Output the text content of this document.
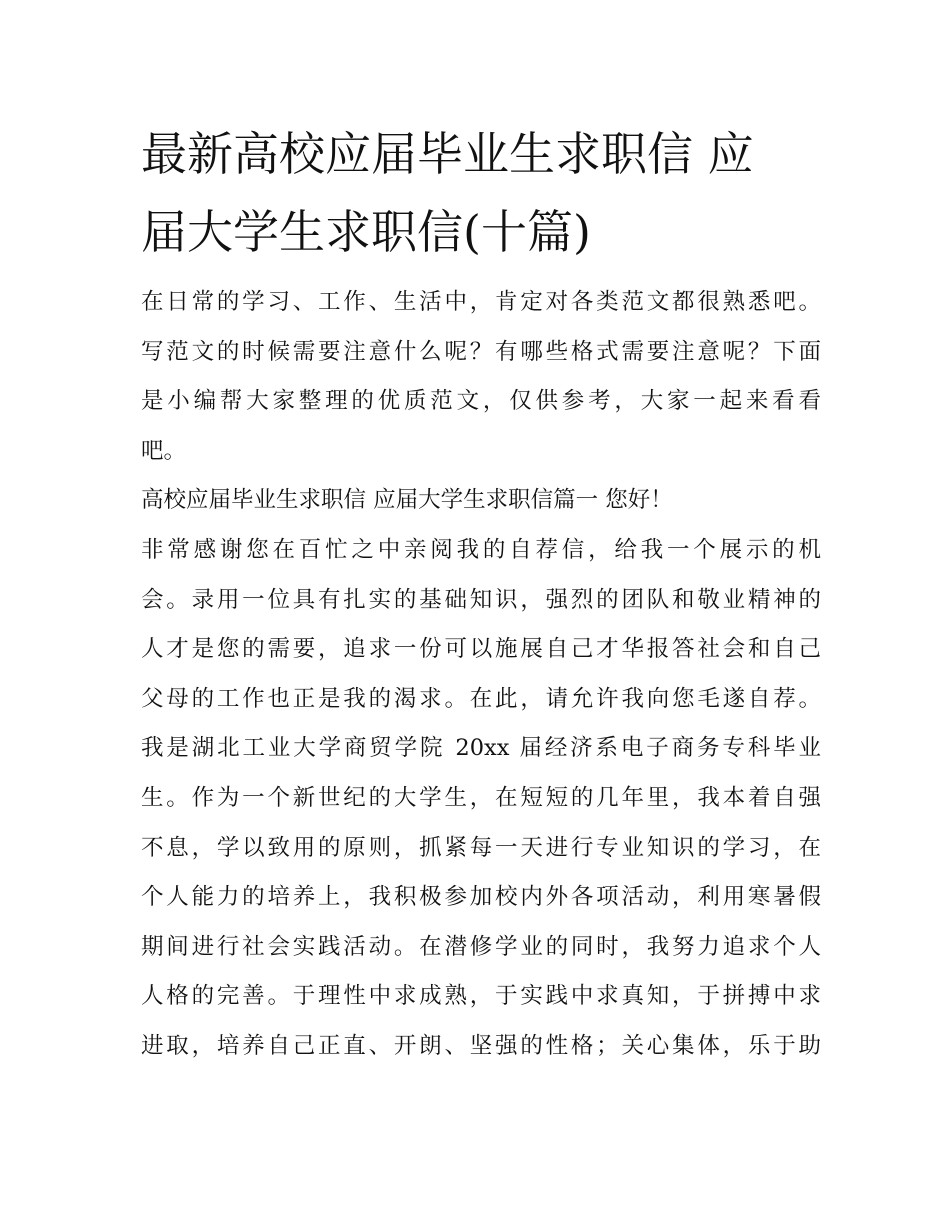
最新高校应届毕业生求职信 应
届大学生求职信(十篇)
在日常的学习、工作、生活中，肯定对各类范文都很熟悉吧。
写范文的时候需要注意什么呢？有哪些格式需要注意呢？下面
是小编帮大家整理的优质范文，仅供参考，大家一起来看看
吧。
高校应届毕业生求职信 应届大学生求职信篇一 您好！
非常感谢您在百忙之中亲阅我的自荐信，给我一个展示的机
会。录用一位具有扎实的基础知识，强烈的团队和敬业精神的
人才是您的需要，追求一份可以施展自己才华报答社会和自己
父母的工作也正是我的渴求。在此，请允许我向您毛遂自荐。
我是湖北工业大学商贸学院 20xx 届经济系电子商务专科毕业
生。作为一个新世纪的大学生，在短短的几年里，我本着自强
不息，学以致用的原则，抓紧每一天进行专业知识的学习，在
个人能力的培养上，我积极参加校内外各项活动，利用寒暑假
期间进行社会实践活动。在潜修学业的同时，我努力追求个人
人格的完善。于理性中求成熟，于实践中求真知，于拼搏中求
进取，培养自己正直、开朗、坚强的性格；关心集体，乐于助
